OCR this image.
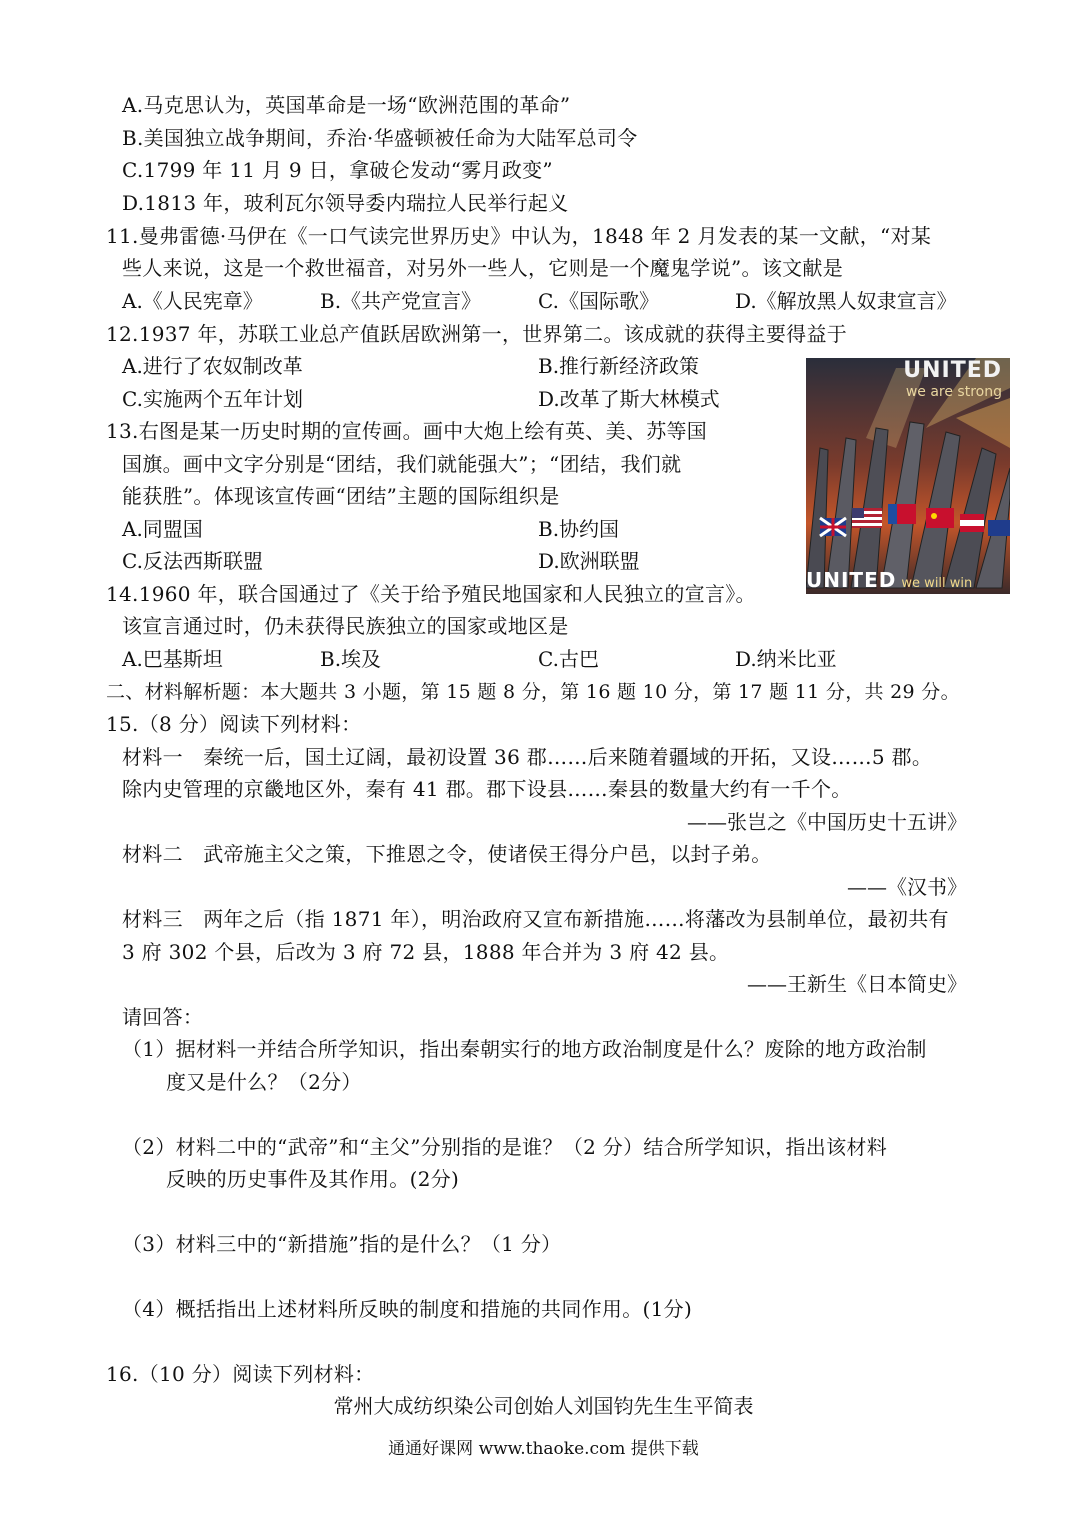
A.马克思认为，英国革命是一场“欧洲范围的革命”
B.美国独立战争期间，乔治·华盛顿被任命为大陆军总司令
C.1799 年 11 月 9 日，拿破仑发动“雾月政变”
D.1813 年，玻利瓦尔领导委内瑞拉人民举行起义
11.曼弗雷德·马伊在《一口气读完世界历史》中认为，1848 年 2 月发表的某一文献，“对某
些人来说，这是一个救世福音，对另外一些人，它则是一个魔鬼学说”。该文献是
A.《人民宪章》	B.《共产党宣言》	C.《国际歌》	D.《解放黑人奴隶宣言》
12.1937 年，苏联工业总产值跃居欧洲第一，世界第二。该成就的获得主要得益于
A.进行了农奴制改革	B.推行新经济政策
C.实施两个五年计划	D.改革了斯大林模式
UNITED
we are strong
UNITED we will win
13.右图是某一历史时期的宣传画。画中大炮上绘有英、美、苏等国
国旗。画中文字分别是“团结，我们就能强大”；“团结，我们就
能获胜”。体现该宣传画“团结”主题的国际组织是
A.同盟国	B.协约国
C.反法西斯联盟	D.欧洲联盟
14.1960 年，联合国通过了《关于给予殖民地国家和人民独立的宣言》。
该宣言通过时，仍未获得民族独立的国家或地区是
A.巴基斯坦	B.埃及	C.古巴	D.纳米比亚
二、材料解析题：本大题共 3 小题，第 15 题 8 分，第 16 题 10 分，第 17 题 11 分，共 29 分。
15.（8 分）阅读下列材料：
材料一　秦统一后，国土辽阔，最初设置 36 郡……后来随着疆域的开拓，又设……5 郡。
除内史管理的京畿地区外，秦有 41 郡。郡下设县……秦县的数量大约有一千个。
——张岂之《中国历史十五讲》
材料二　武帝施主父之策，下推恩之令，使诸侯王得分户邑，以封子弟。
——《汉书》
材料三　两年之后（指 1871 年），明治政府又宣布新措施……将藩改为县制单位，最初共有
3 府 302 个县，后改为 3 府 72 县，1888 年合并为 3 府 42 县。
——王新生《日本简史》
请回答：
（1）据材料一并结合所学知识，指出秦朝实行的地方政治制度是什么？废除的地方政治制
度又是什么？（2分）
（2）材料二中的“武帝”和“主父”分别指的是谁？（2 分）结合所学知识，指出该材料
反映的历史事件及其作用。(2分)
（3）材料三中的“新措施”指的是什么？（1 分）
（4）概括指出上述材料所反映的制度和措施的共同作用。(1分)
16.（10 分）阅读下列材料：
常州大成纺织染公司创始人刘国钧先生生平简表
通通好课网 www.thaoke.com 提供下载
